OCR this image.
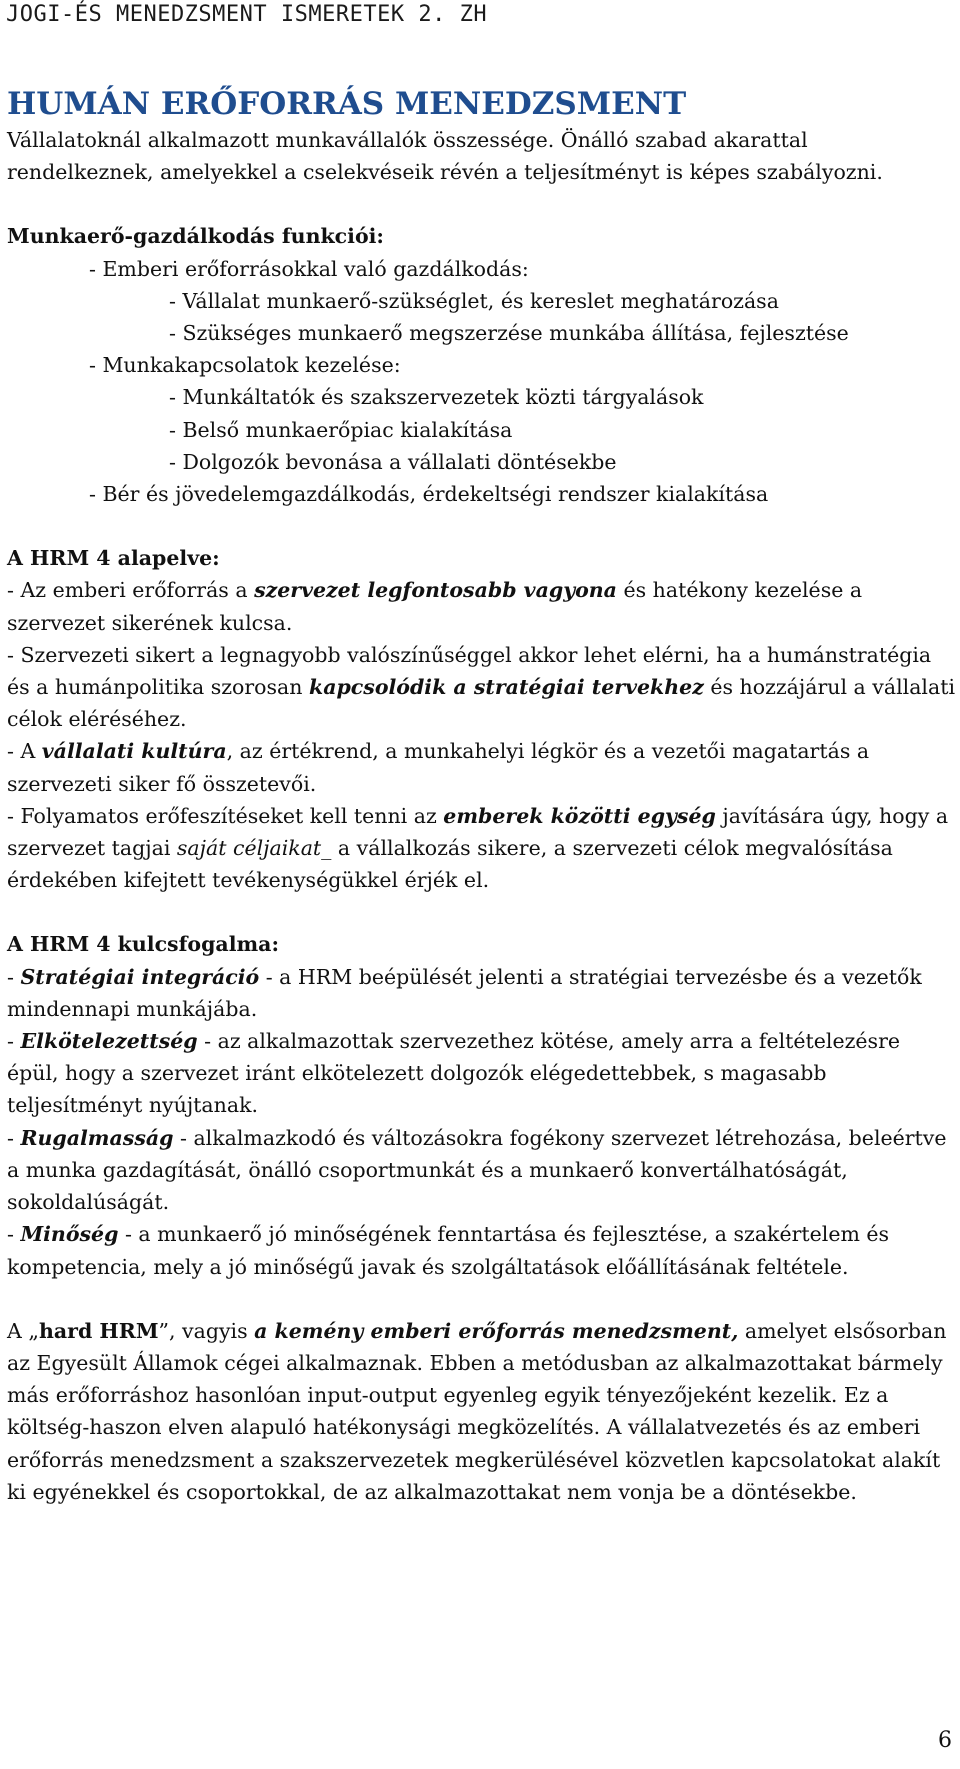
JOGI-ÉS MENEDZSMENT ISMERETEK 2. ZH
HUMÁN ERŐFORRÁS MENEDZSMENT

Vállalatoknál alkalmazott munkavállalók összessége. Önálló szabad akarattal rendelkeznek, amelyekkel a cselekvéseik révén a teljesítményt is képes szabályozni.

Munkaerő-gazdálkodás funkciói:

- Emberi erőforrásokkal való gazdálkodás:

- Vállalat munkaerő-szükséglet, és kereslet meghatározása

- Szükséges munkaerő megszerzése munkába állítása, fejlesztése

- Munkakapcsolatok kezelése:

- Munkáltatók és szakszervezetek közti tárgyalások

- Belső munkaerőpiac kialakítása

- Dolgozók bevonása a vállalati döntésekbe

- Bér és jövedelemgazdálkodás, érdekeltségi rendszer kialakítása

A HRM 4 alapelve:

- Az emberi erőforrás a szervezet legfontosabb vagyona és hatékony kezelése a szervezet sikerének kulcsa.

- Szervezeti sikert a legnagyobb valószínűséggel akkor lehet elérni, ha a humánstratégia és a humánpolitika szorosan kapcsolódik a stratégiai tervekhez és hozzájárul a vállalati célok eléréséhez.

- A vállalati kultúra, az értékrend, a munkahelyi légkör és a vezetői magatartás a szervezeti siker fő összetevői.

- Folyamatos erőfeszítéseket kell tenni az emberek közötti egység javítására úgy, hogy a szervezet tagjai saját céljaikat_ a vállalkozás sikere, a szervezeti célok megvalósítása érdekében kifejtett tevékenységükkel érjék el.

A HRM 4 kulcsfogalma:

- Stratégiai integráció - a HRM beépülését jelenti a stratégiai tervezésbe és a vezetők mindennapi munkájába.

- Elkötelezettség - az alkalmazottak szervezethez kötése, amely arra a feltételezésre épül, hogy a szervezet iránt elkötelezett dolgozók elégedettebbek, s magasabb teljesítményt nyújtanak.

- Rugalmasság - alkalmazkodó és változásokra fogékony szervezet létrehozása, beleértve a munka gazdagítását, önálló csoportmunkát és a munkaerő konvertálhatóságát, sokoldalúságát.

- Minőség - a munkaerő jó minőségének fenntartása és fejlesztése, a szakértelem és kompetencia, mely a jó minőségű javak és szolgáltatások előállításának feltétele.

A „hard HRM”, vagyis a kemény emberi erőforrás menedzsment, amelyet elsősorban az Egyesült Államok cégei alkalmaznak. Ebben a metódusban az alkalmazottakat bármely más erőforráshoz hasonlóan input-output egyenleg egyik tényezőjeként kezelik. Ez a költség-haszon elven alapuló hatékonysági megközelítés. A vállalatvezetés és az emberi erőforrás menedzsment a szakszervezetek megkerülésével közvetlen kapcsolatokat alakít ki egyénekkel és csoportokkal, de az alkalmazottakat nem vonja be a döntésekbe.

6
